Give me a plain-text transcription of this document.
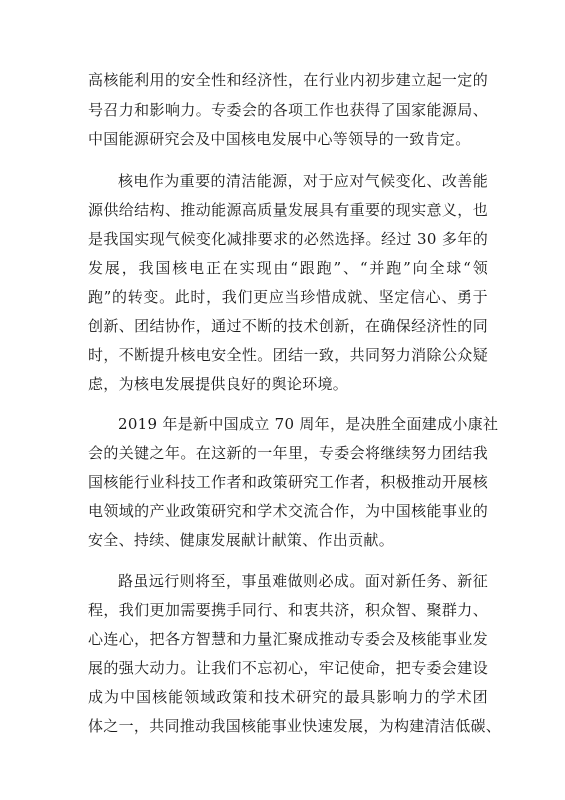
高核能利用的安全性和经济性，在行业内初步建立起一定的
号召力和影响力。专委会的各项工作也获得了国家能源局、
中国能源研究会及中国核电发展中心等领导的一致肯定。
核电作为重要的清洁能源，对于应对气候变化、改善能
源供给结构、推动能源高质量发展具有重要的现实意义，也
是我国实现气候变化减排要求的必然选择。经过 30 多年的
发展，我国核电正在实现由“跟跑”、“并跑”向全球“领
跑”的转变。此时，我们更应当珍惜成就、坚定信心、勇于
创新、团结协作，通过不断的技术创新，在确保经济性的同
时，不断提升核电安全性。团结一致，共同努力消除公众疑
虑，为核电发展提供良好的舆论环境。
2019 年是新中国成立 70 周年，是决胜全面建成小康社
会的关键之年。在这新的一年里，专委会将继续努力团结我
国核能行业科技工作者和政策研究工作者，积极推动开展核
电领域的产业政策研究和学术交流合作，为中国核能事业的
安全、持续、健康发展献计献策、作出贡献。
路虽远行则将至，事虽难做则必成。面对新任务、新征
程，我们更加需要携手同行、和衷共济，积众智、聚群力、
心连心，把各方智慧和力量汇聚成推动专委会及核能事业发
展的强大动力。让我们不忘初心，牢记使命，把专委会建设
成为中国核能领域政策和技术研究的最具影响力的学术团
体之一，共同推动我国核能事业快速发展，为构建清洁低碳、
